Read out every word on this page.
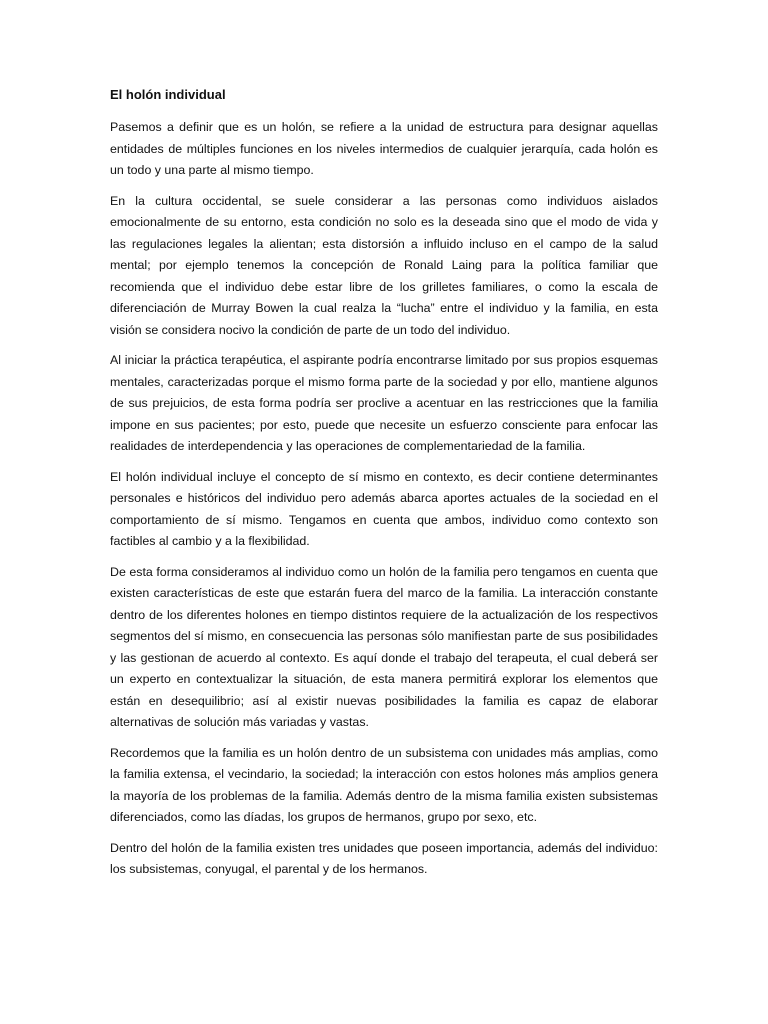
El holón individual

Pasemos a definir que es un holón, se refiere a la unidad de estructura para designar aquellas entidades de múltiples funciones en los niveles intermedios de cualquier jerarquía, cada holón es un todo y una parte al mismo tiempo.

En la cultura occidental, se suele considerar a las personas como individuos aislados emocionalmente de su entorno, esta condición no solo es la deseada sino que el modo de vida y las regulaciones legales la alientan; esta distorsión a influido incluso en el campo de la salud mental; por ejemplo tenemos la concepción de Ronald Laing para la política familiar que recomienda que el individuo debe estar libre de los grilletes familiares, o como la escala de diferenciación de Murray Bowen la cual realza la “lucha” entre el individuo y la familia, en esta visión se considera nocivo la condición de parte de un todo del individuo.

Al iniciar la práctica terapéutica, el aspirante podría encontrarse limitado por sus propios esquemas mentales, caracterizadas porque el mismo forma parte de la sociedad y por ello, mantiene algunos de sus prejuicios, de esta forma podría ser proclive a acentuar en las restricciones que la familia impone en sus pacientes; por esto, puede que necesite un esfuerzo consciente para enfocar las realidades de interdependencia y las operaciones de complementariedad de la familia.

El holón individual incluye el concepto de sí mismo en contexto, es decir contiene determinantes personales e históricos del individuo pero además abarca aportes actuales de la sociedad en el comportamiento de sí mismo. Tengamos en cuenta que ambos, individuo como contexto son factibles al cambio y a la flexibilidad.

De esta forma consideramos al individuo como un holón de la familia pero tengamos en cuenta que existen características de este que estarán fuera del marco de la familia. La interacción constante dentro de los diferentes holones en tiempo distintos requiere de la actualización de los respectivos segmentos del sí mismo, en consecuencia las personas sólo manifiestan parte de sus posibilidades y las gestionan de acuerdo al contexto. Es aquí donde el trabajo del terapeuta, el cual deberá ser un experto en contextualizar la situación, de esta manera permitirá explorar los elementos que están en desequilibrio; así al existir nuevas posibilidades la familia es capaz de elaborar alternativas de solución más variadas y vastas.

Recordemos que la familia es un holón dentro de un subsistema con unidades más amplias, como la familia extensa, el vecindario, la sociedad; la interacción con estos holones más amplios genera la mayoría de los problemas de la familia. Además dentro de la misma familia existen subsistemas diferenciados, como las díadas, los grupos de hermanos, grupo por sexo, etc.

Dentro del holón de la familia existen tres unidades que poseen importancia, además del individuo: los subsistemas, conyugal, el parental y de los hermanos.
